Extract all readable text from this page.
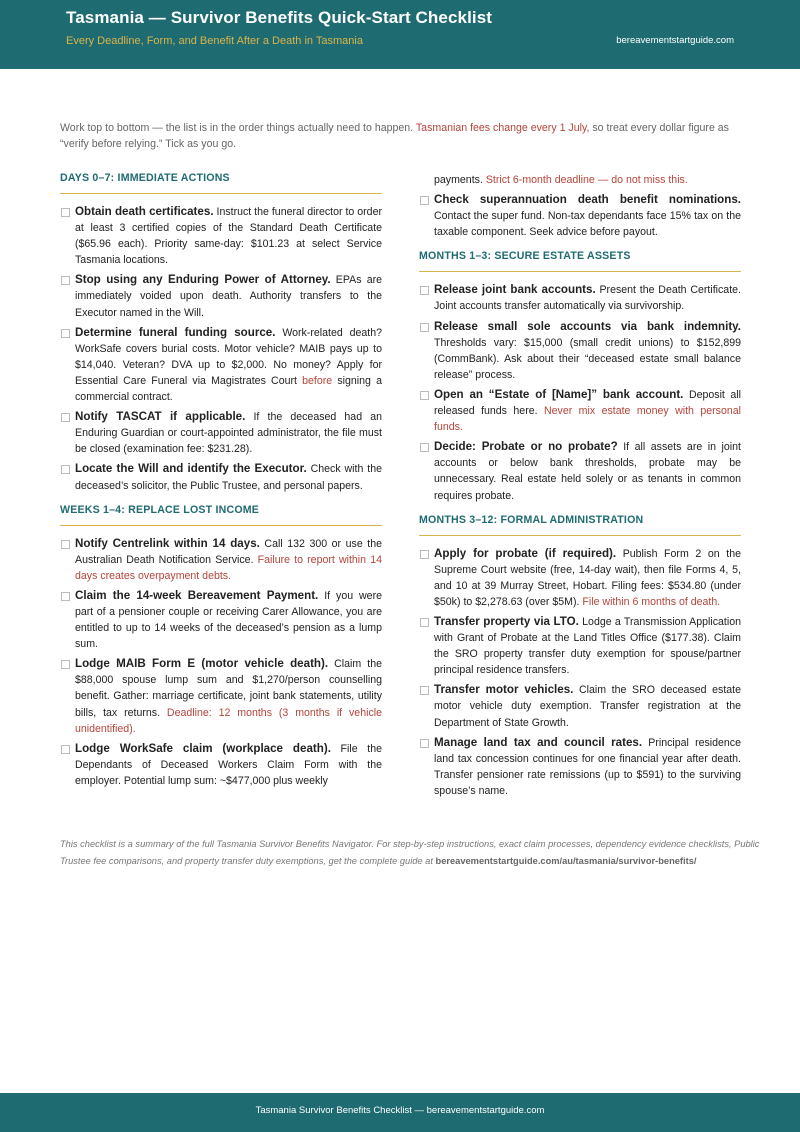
Tasmania — Survivor Benefits Quick-Start Checklist
Every Deadline, Form, and Benefit After a Death in Tasmania	bereavementstartguide.com
Work top to bottom — the list is in the order things actually need to happen. Tasmanian fees change every 1 July, so treat every dollar figure as “verify before relying.” Tick as you go.
DAYS 0–7: IMMEDIATE ACTIONS
Obtain death certificates. Instruct the funeral director to order at least 3 certified copies of the Standard Death Certificate ($65.96 each). Priority same-day: $101.23 at select Service Tasmania locations.
Stop using any Enduring Power of Attorney. EPAs are immediately voided upon death. Authority transfers to the Executor named in the Will.
Determine funeral funding source. Work-related death? WorkSafe covers burial costs. Motor vehicle? MAIB pays up to $14,040. Veteran? DVA up to $2,000. No money? Apply for Essential Care Funeral via Magistrates Court before signing a commercial contract.
Notify TASCAT if applicable. If the deceased had an Enduring Guardian or court-appointed administrator, the file must be closed (examination fee: $231.28).
Locate the Will and identify the Executor. Check with the deceased’s solicitor, the Public Trustee, and personal papers.
WEEKS 1–4: REPLACE LOST INCOME
Notify Centrelink within 14 days. Call 132 300 or use the Australian Death Notification Service. Failure to report within 14 days creates overpayment debts.
Claim the 14-week Bereavement Payment. If you were part of a pensioner couple or receiving Carer Allowance, you are entitled to up to 14 weeks of the deceased’s pension as a lump sum.
Lodge MAIB Form E (motor vehicle death). Claim the $88,000 spouse lump sum and $1,270/person counselling benefit. Gather: marriage certificate, joint bank statements, utility bills, tax returns. Deadline: 12 months (3 months if vehicle unidentified).
Lodge WorkSafe claim (workplace death). File the Dependants of Deceased Workers Claim Form with the employer. Potential lump sum: ~$477,000 plus weekly
payments. Strict 6-month deadline — do not miss this.
Check superannuation death benefit nominations. Contact the super fund. Non-tax dependants face 15% tax on the taxable component. Seek advice before payout.
MONTHS 1–3: SECURE ESTATE ASSETS
Release joint bank accounts. Present the Death Certificate. Joint accounts transfer automatically via survivorship.
Release small sole accounts via bank indemnity. Thresholds vary: $15,000 (small credit unions) to $152,899 (CommBank). Ask about their “deceased estate small balance release” process.
Open an “Estate of [Name]” bank account. Deposit all released funds here. Never mix estate money with personal funds.
Decide: Probate or no probate? If all assets are in joint accounts or below bank thresholds, probate may be unnecessary. Real estate held solely or as tenants in common requires probate.
MONTHS 3–12: FORMAL ADMINISTRATION
Apply for probate (if required). Publish Form 2 on the Supreme Court website (free, 14-day wait), then file Forms 4, 5, and 10 at 39 Murray Street, Hobart. Filing fees: $534.80 (under $50k) to $2,278.63 (over $5M). File within 6 months of death.
Transfer property via LTO. Lodge a Transmission Application with Grant of Probate at the Land Titles Office ($177.38). Claim the SRO property transfer duty exemption for spouse/partner principal residence transfers.
Transfer motor vehicles. Claim the SRO deceased estate motor vehicle duty exemption. Transfer registration at the Department of State Growth.
Manage land tax and council rates. Principal residence land tax concession continues for one financial year after death. Transfer pensioner rate remissions (up to $591) to the surviving spouse’s name.
This checklist is a summary of the full Tasmania Survivor Benefits Navigator. For step-by-step instructions, exact claim processes, dependency evidence checklists, Public Trustee fee comparisons, and property transfer duty exemptions, get the complete guide at bereavementstartguide.com/au/tasmania/survivor-benefits/
Tasmania Survivor Benefits Checklist — bereavementstartguide.com
